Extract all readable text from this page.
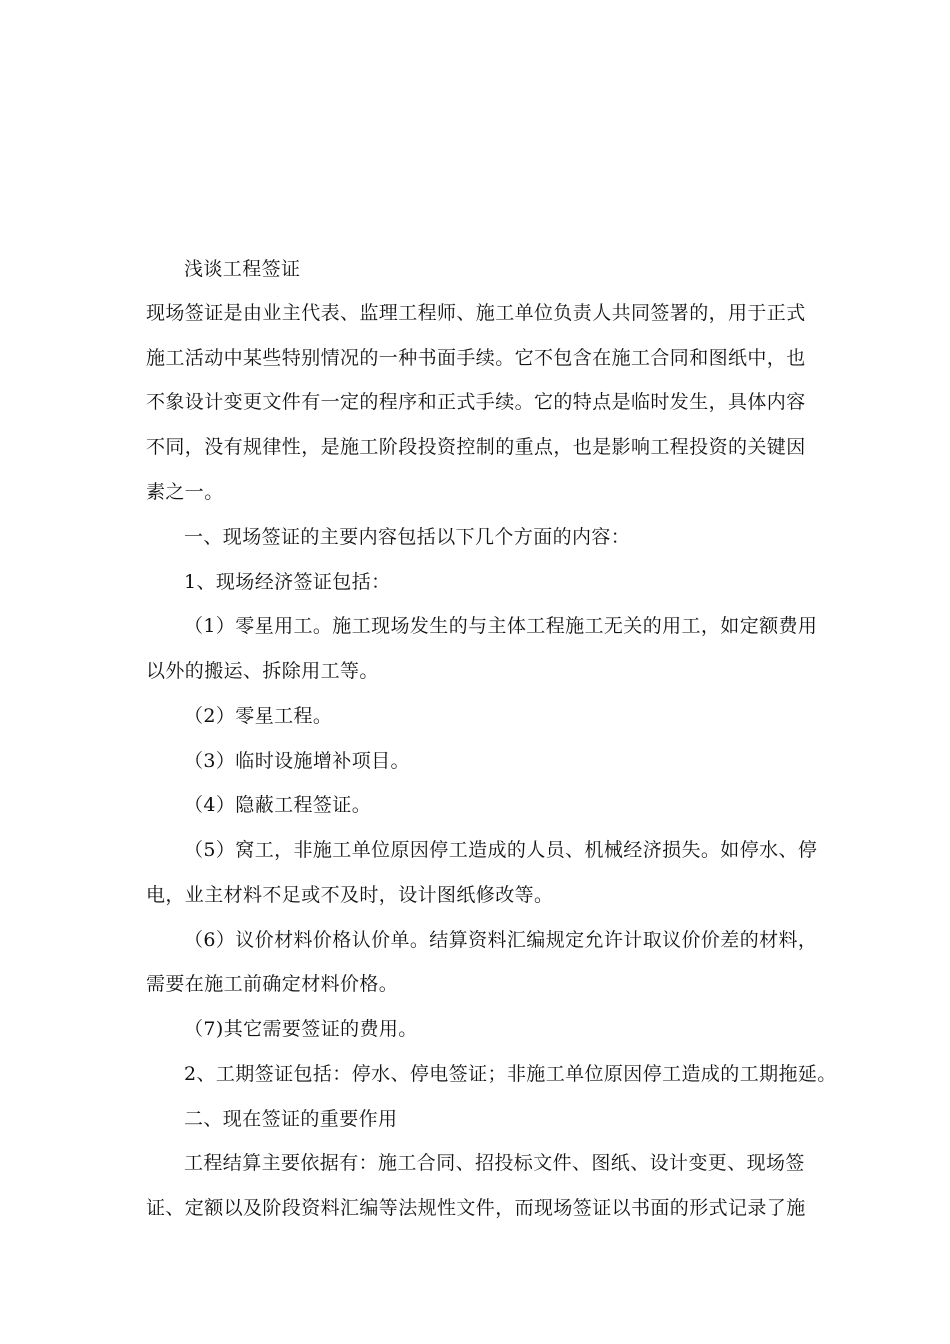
浅谈工程签证
现场签证是由业主代表、监理工程师、施工单位负责人共同签署的，用于正式
施工活动中某些特别情况的一种书面手续。它不包含在施工合同和图纸中，也
不象设计变更文件有一定的程序和正式手续。它的特点是临时发生，具体内容
不同，没有规律性，是施工阶段投资控制的重点，也是影响工程投资的关键因
素之一。
一、现场签证的主要内容包括以下几个方面的内容：
1、现场经济签证包括：
（1）零星用工。施工现场发生的与主体工程施工无关的用工，如定额费用
以外的搬运、拆除用工等。
（2）零星工程。
（3）临时设施增补项目。
（4）隐蔽工程签证。
（5）窝工，非施工单位原因停工造成的人员、机械经济损失。如停水、停
电，业主材料不足或不及时，设计图纸修改等。
（6）议价材料价格认价单。结算资料汇编规定允许计取议价价差的材料，
需要在施工前确定材料价格。
（7)其它需要签证的费用。
2、工期签证包括：停水、停电签证；非施工单位原因停工造成的工期拖延。
二、现在签证的重要作用
工程结算主要依据有：施工合同、招投标文件、图纸、设计变更、现场签
证、定额以及阶段资料汇编等法规性文件，而现场签证以书面的形式记录了施
